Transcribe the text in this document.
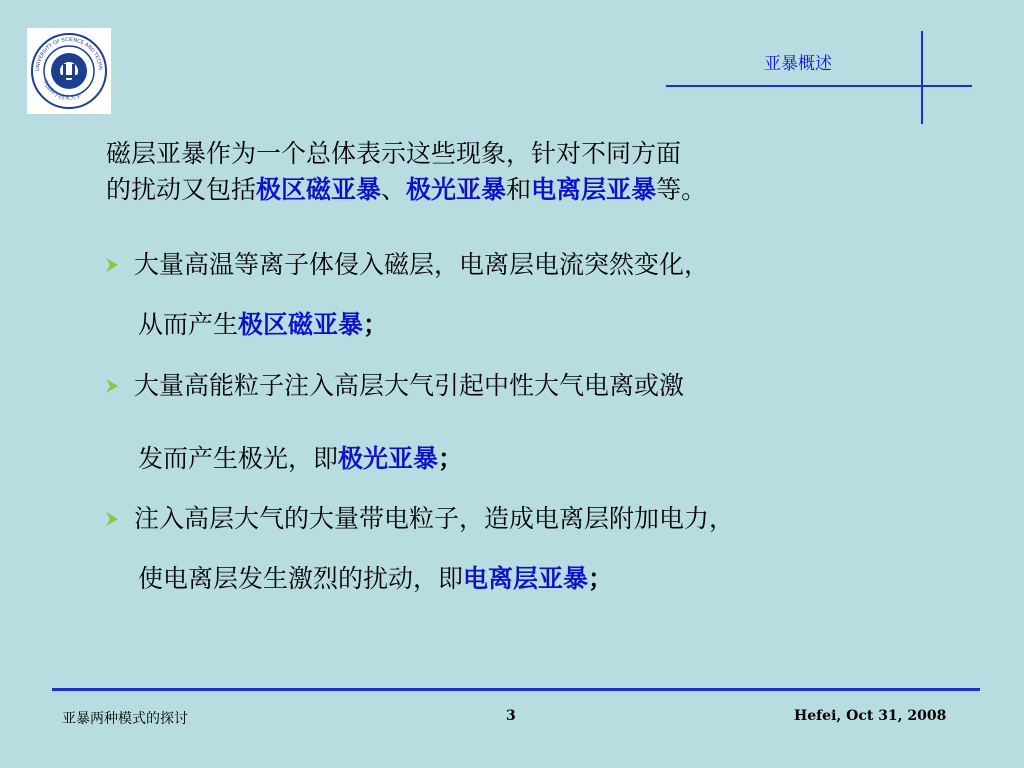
UNIVERSITY OF SCIENCE AND TECHN
中国科学技术大学
亚暴概述
磁层亚暴作为一个总体表示这些现象，针对不同方面
的扰动又包括极区磁亚暴、极光亚暴和电离层亚暴等。
大量高温等离子体侵入磁层，电离层电流突然变化，
从而产生极区磁亚暴；
大量高能粒子注入高层大气引起中性大气电离或激
发而产生极光，即极光亚暴；
注入高层大气的大量带电粒子，造成电离层附加电力，
使电离层发生激烈的扰动，即电离层亚暴；
亚暴两种模式的探讨	3	Hefei, Oct 31, 2008
